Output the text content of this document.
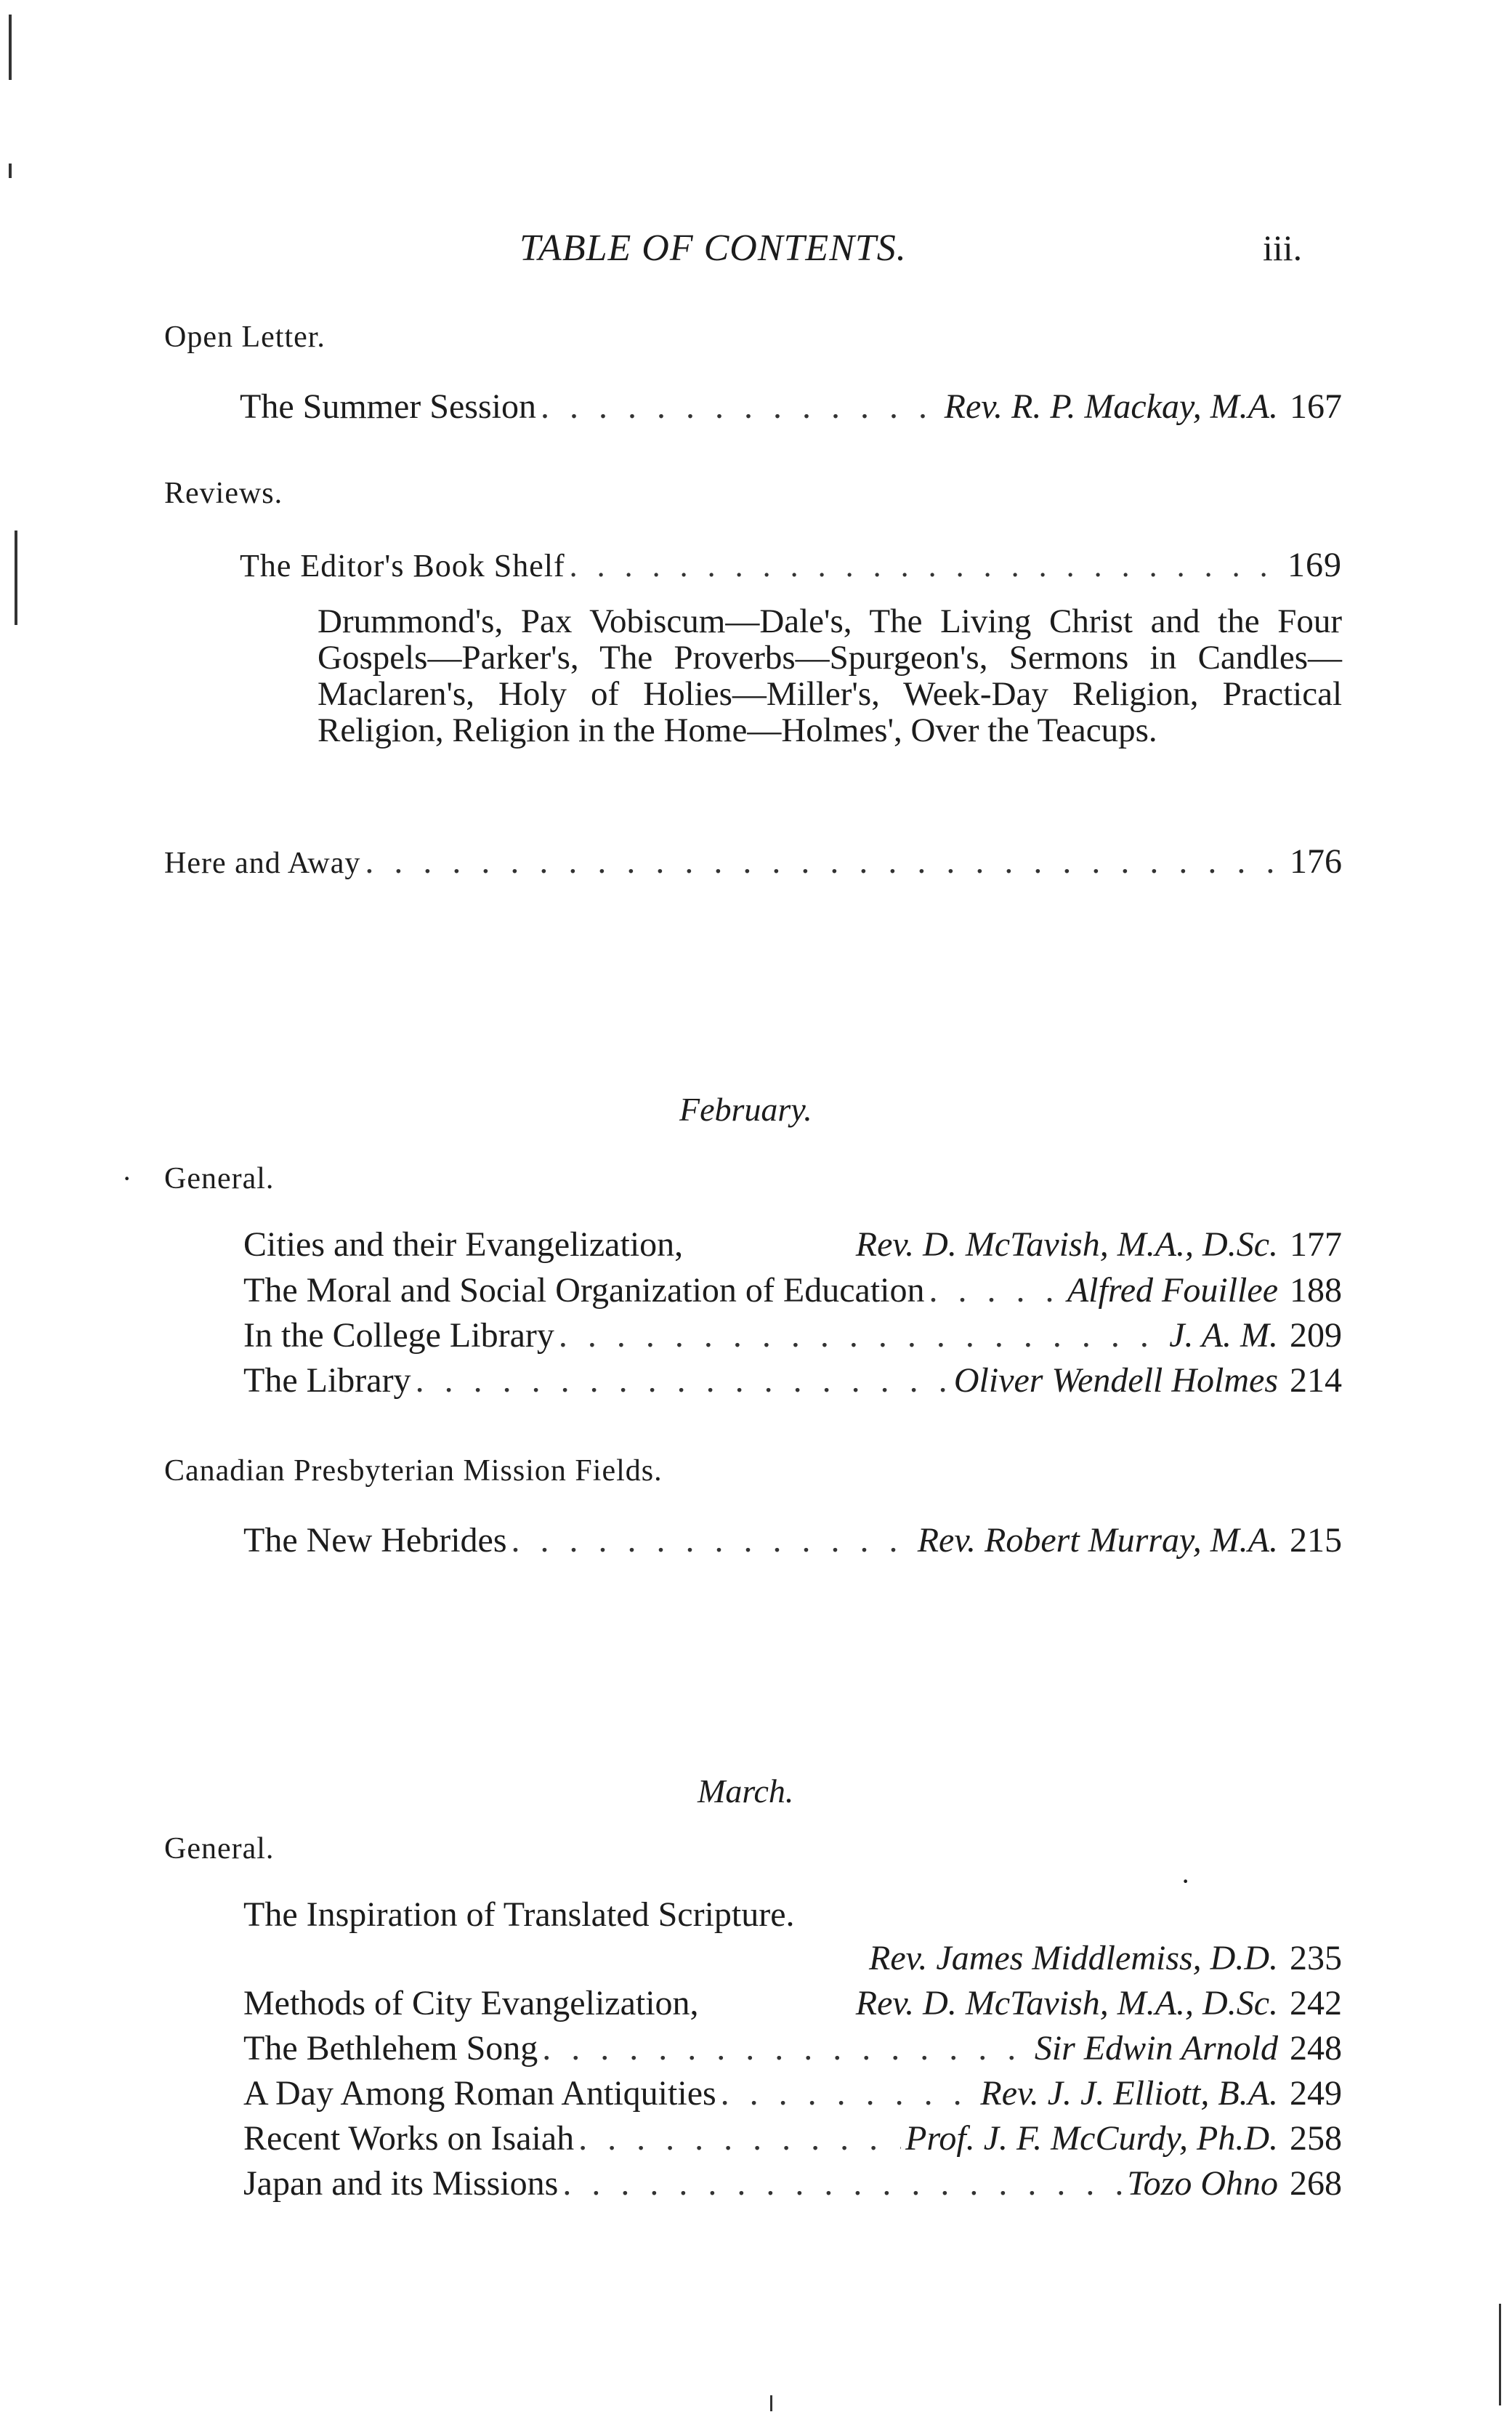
TABLE OF CONTENTS.	iii.
Open Letter.
The Summer Session . . .	Rev. R. P. Mackay, M.A. 167
Reviews.
The Editor's Book Shelf . . .	169
Drummond's, Pax Vobiscum—Dale's, The Living Christ and the Four Gospels—Parker's, The Proverbs—Spurgeon's, Sermons in Candles—Maclaren's, Holy of Holies—Miller's, Week-Day Religion, Practical Religion, Religion in the Home—Holmes', Over the Teacups.
Here and Away . . .	176
February.
· General.
Cities and their Evangelization,	Rev. D. McTavish, M.A., D.Sc. 177
The Moral and Social Organization of Education . . .	Alfred Fouillee 188
In the College Library . . .	J. A. M. 209
The Library . . .	Oliver Wendell Holmes 214
Canadian Presbyterian Mission Fields.
The New Hebrides . . .	Rev. Robert Murray, M.A. 215
March.
General.
·
The Inspiration of Translated Scripture.
Rev. James Middlemiss, D.D. 235
Methods of City Evangelization,	Rev. D. McTavish, M.A., D.Sc. 242
The Bethlehem Song . . .	Sir Edwin Arnold 248
A Day Among Roman Antiquities . . .	Rev. J. J. Elliott, B.A. 249
Recent Works on Isaiah . . .	Prof. J. F. McCurdy, Ph.D. 258
Japan and its Missions . . .	Tozo Ohno 268
